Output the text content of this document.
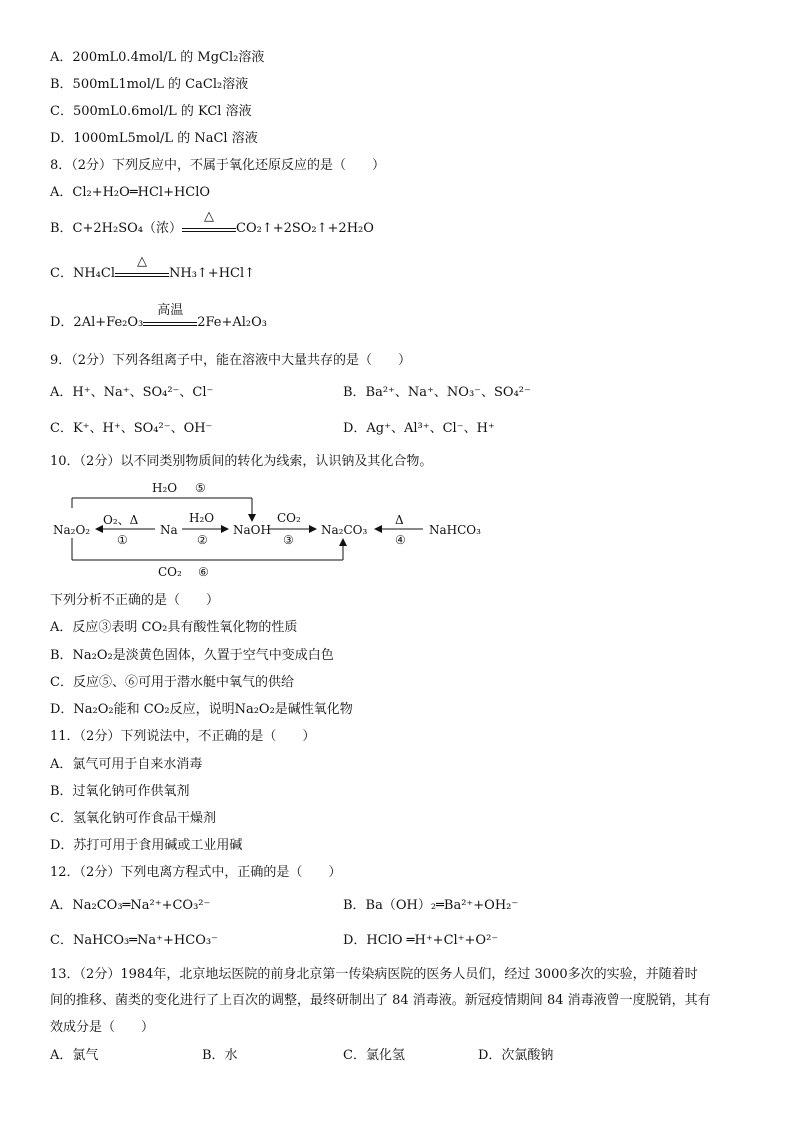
A．200mL0.4mol/L 的 MgCl₂溶液
B．500mL1mol/L 的 CaCl₂溶液
C．500mL0.6mol/L 的 KCl 溶液
D．1000mL5mol/L 的 NaCl 溶液
8．（2分）下列反应中，不属于氧化还原反应的是（　　）
A．Cl₂+H₂O═HCl+HClO
B．C+2H₂SO₄（浓）
△
CO₂↑+2SO₂↑+2H₂O
C．NH₄Cl
△
NH₃↑+HCl↑
D．2Al+Fe₂O₃
高温
2Fe+Al₂O₃
9．（2分）下列各组离子中，能在溶液中大量共存的是（　　）
A．H⁺、Na⁺、SO₄²⁻、Cl⁻	B．Ba²⁺、Na⁺、NO₃⁻、SO₄²⁻
C．K⁺、H⁺、SO₄²⁻、OH⁻	D．Ag⁺、Al³⁺、Cl⁻、H⁺
10．（2分）以不同类别物质间的转化为线索，认识钠及其化合物。
Na₂O₂	Na	NaOH	Na₂CO₃	NaHCO₃
O₂、Δ
①
H₂O
②
CO₂
③
Δ
④
H₂O ⑤
CO₂ ⑥
下列分析不正确的是（　　）
A．反应③表明 CO₂具有酸性氧化物的性质
B．Na₂O₂是淡黄色固体，久置于空气中变成白色
C．反应⑤、⑥可用于潜水艇中氧气的供给
D．Na₂O₂能和 CO₂反应，说明Na₂O₂是碱性氧化物
11．（2分）下列说法中，不正确的是（　　）
A．氯气可用于自来水消毒
B．过氧化钠可作供氧剂
C．氢氧化钠可作食品干燥剂
D．苏打可用于食用碱或工业用碱
12．（2分）下列电离方程式中，正确的是（　　）
A．Na₂CO₃═Na²⁺+CO₃²⁻	B．Ba（OH）₂═Ba²⁺+OH₂⁻
C．NaHCO₃═Na⁺+HCO₃⁻	D．HClO ═H⁺+Cl⁺+O²⁻
13．（2分）1984年，北京地坛医院的前身北京第一传染病医院的医务人员们，经过 3000多次的实验，并随着时
间的推移、菌类的变化进行了上百次的调整，最终研制出了 84 消毒液。新冠疫情期间 84 消毒液曾一度脱销，其有
效成分是（　　）
A．氯气	B．水	C．氯化氢	D．次氯酸钠
